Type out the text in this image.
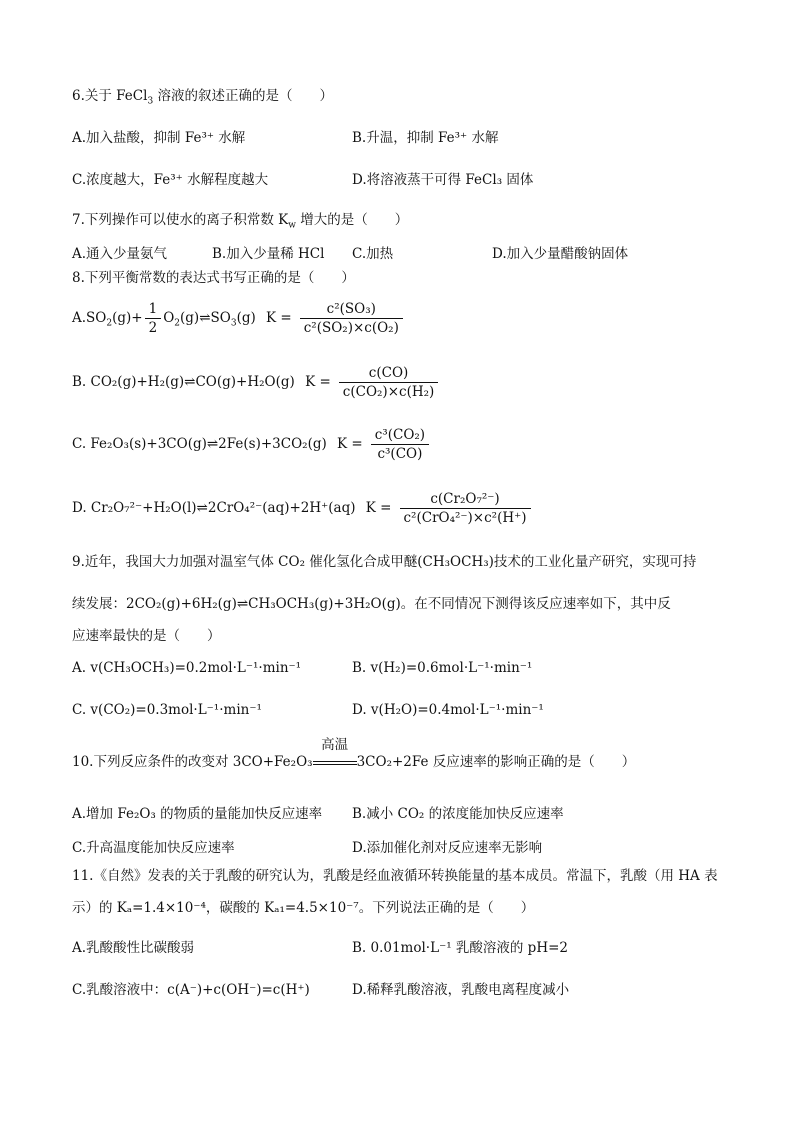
6.关于 FeCl$_3$ 溶液的叙述正确的是（　　）
A.加入盐酸，抑制 Fe³⁺ 水解	B.升温，抑制 Fe³⁺ 水解
C.浓度越大，Fe³⁺ 水解程度越大	D.将溶液蒸干可得 FeCl₃ 固体
7.下列操作可以使水的离子积常数 $K_w$ 增大的是（　　）
A.通入少量氨气	B.加入少量稀 HCl C.加热	D.加入少量醋酸钠固体
8.下列平衡常数的表达式书写正确的是（　　）
$A.SO_2(g)+ \frac{1}{2}$ $O_2(g)\rightleftharpoons SO_3(g) K = \frac{\text{c²(SO₃)}}{\text{c²(SO₂)×c(O₂)}}$
B. CO₂(g)+H₂(g)⇌CO(g)+H₂O(g) $K = \frac{c(CO)}{\text{c(CO₂)×c(H₂)}}$
C. Fe₂O₃(s)+3CO(g)⇌2Fe(s)+3CO₂(g) $K = \frac{\text{c³(CO₂)}}{\text{c³(CO)}}$
D. Cr₂O₇²⁻+H₂O(l)⇌2CrO₄²⁻(aq)+2H⁺(aq) $K = \frac{\text{c(Cr₂O₇²⁻)}}{\text{c²(CrO₄²⁻)×c²(H⁺)}}$
9.近年，我国大力加强对温室气体 CO₂ 催化氢化合成甲醚(CH₃OCH₃)技术的工业化量产研究，实现可持
续发展：2CO₂(g)+6H₂(g)⇌CH₃OCH₃(g)+3H₂O(g)。在不同情况下测得该反应速率如下，其中反
应速率最快的是（　　）
A. v(CH₃OCH₃)=0.2mol·L⁻¹·min⁻¹	B. v(H₂)=0.6mol·L⁻¹·min⁻¹
C. v(CO₂)=0.3mol·L⁻¹·min⁻¹	D. v(H₂O)=0.4mol·L⁻¹·min⁻¹
10.下列反应条件的改变对 3CO+Fe₂O₃
高温
3CO₂+2Fe 反应速率的影响正确的是（　　）
A.增加 Fe₂O₃ 的物质的量能加快反应速率 B.减小 CO₂ 的浓度能加快反应速率
C.升高温度能加快反应速率	D.添加催化剂对反应速率无影响
11.《自然》发表的关于乳酸的研究认为，乳酸是经血液循环转换能量的基本成员。常温下，乳酸（用 HA 表
示）的 Kₐ=1.4×10⁻⁴，碳酸的 Kₐ₁=4.5×10⁻⁷。下列说法正确的是（　　）
A.乳酸酸性比碳酸弱	B. 0.01mol·L⁻¹ 乳酸溶液的 pH=2
C.乳酸溶液中：c(A⁻)+c(OH⁻)=c(H⁺)	D.稀释乳酸溶液，乳酸电离程度减小
